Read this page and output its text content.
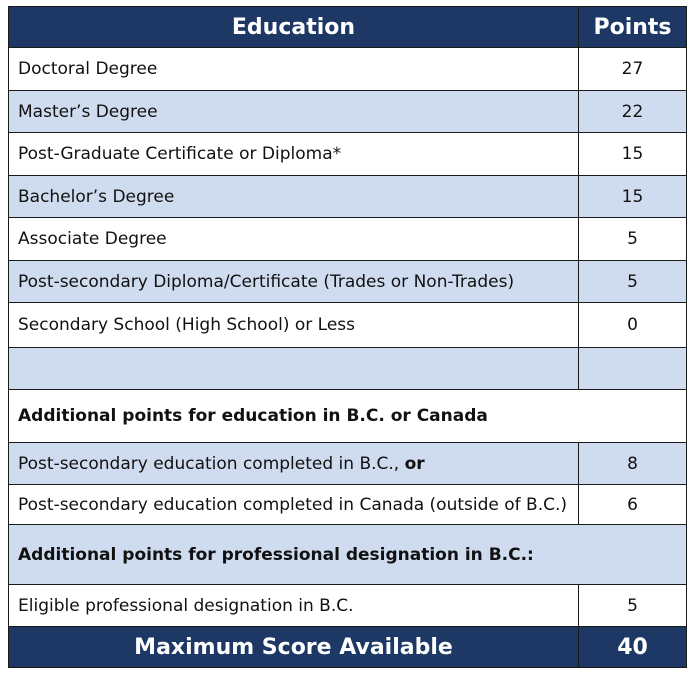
Education	Points
Doctoral Degree	27
Master’s Degree	22
Post-Graduate Certificate or Diploma*	15
Bachelor’s Degree	15
Associate Degree	5
Post-secondary Diploma/Certificate (Trades or Non-Trades)	5
Secondary School (High School) or Less	0

Additional points for education in B.C. or Canada	
Post-secondary education completed in B.C., or	8
Post-secondary education completed in Canada (outside of B.C.)	6
Additional points for professional designation in B.C.:	
Eligible professional designation in B.C.	5
Maximum Score Available	40
